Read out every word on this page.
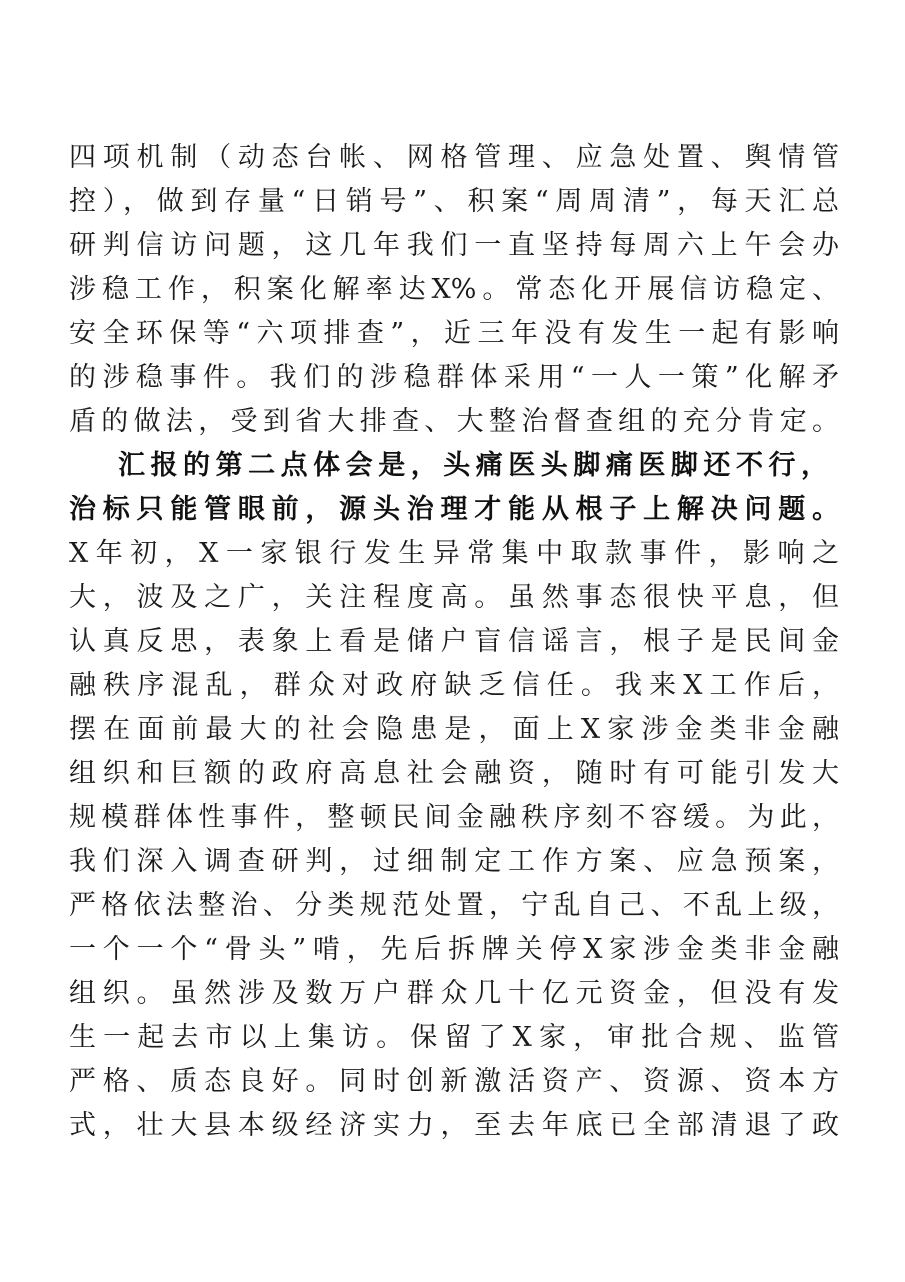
四项机制（动态台帐、网格管理、应急处置、舆情管
控），做到存量“日销号”、积案“周周清”，每天汇总
研判信访问题，这几年我们一直坚持每周六上午会办
涉稳工作，积案化解率达X%。常态化开展信访稳定、
安全环保等“六项排查”，近三年没有发生一起有影响
的涉稳事件。我们的涉稳群体采用“一人一策”化解矛
盾的做法，受到省大排查、大整治督查组的充分肯定。
汇报的第二点体会是，头痛医头脚痛医脚还不行，
治标只能管眼前，源头治理才能从根子上解决问题。
X年初，X一家银行发生异常集中取款事件，影响之
大，波及之广，关注程度高。虽然事态很快平息，但
认真反思，表象上看是储户盲信谣言，根子是民间金
融秩序混乱，群众对政府缺乏信任。我来X工作后，
摆在面前最大的社会隐患是，面上X家涉金类非金融
组织和巨额的政府高息社会融资，随时有可能引发大
规模群体性事件，整顿民间金融秩序刻不容缓。为此，
我们深入调查研判，过细制定工作方案、应急预案，
严格依法整治、分类规范处置，宁乱自己、不乱上级，
一个一个“骨头”啃，先后拆牌关停X家涉金类非金融
组织。虽然涉及数万户群众几十亿元资金，但没有发
生一起去市以上集访。保留了X家，审批合规、监管
严格、质态良好。同时创新激活资产、资源、资本方
式，壮大县本级经济实力，至去年底已全部清退了政
